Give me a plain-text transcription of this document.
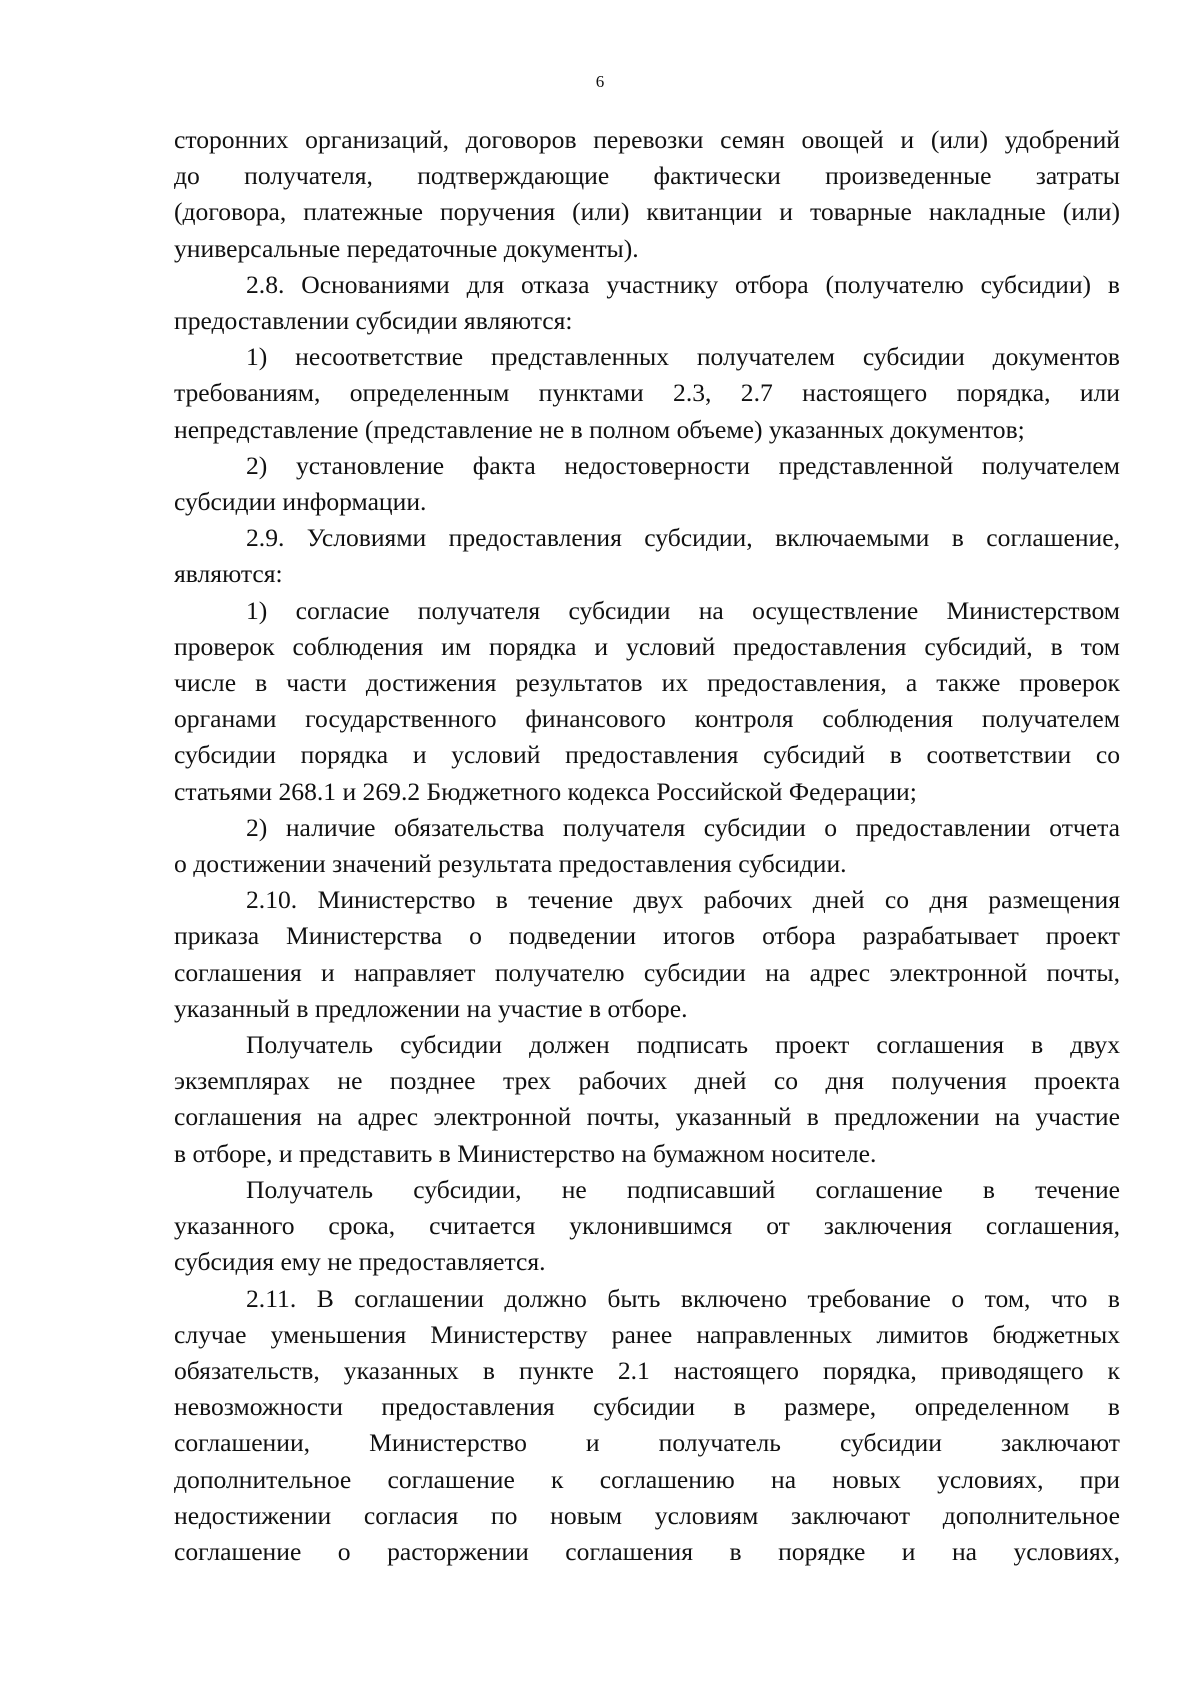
6
сторонних организаций, договоров перевозки семян овощей и (или) удобрений
до получателя, подтверждающие фактически произведенные затраты
(договора, платежные поручения (или) квитанции и товарные накладные (или)
универсальные передаточные документы).
2.8. Основаниями для отказа участнику отбора (получателю субсидии) в
предоставлении субсидии являются:
1) несоответствие представленных получателем субсидии документов
требованиям, определенным пунктами 2.3, 2.7 настоящего порядка, или
непредставление (представление не в полном объеме) указанных документов;
2) установление факта недостоверности представленной получателем
субсидии информации.
2.9. Условиями предоставления субсидии, включаемыми в соглашение,
являются:
1) согласие получателя субсидии на осуществление Министерством
проверок соблюдения им порядка и условий предоставления субсидий, в том
числе в части достижения результатов их предоставления, а также проверок
органами государственного финансового контроля соблюдения получателем
субсидии порядка и условий предоставления субсидий в соответствии со
статьями 268.1 и 269.2 Бюджетного кодекса Российской Федерации;
2) наличие обязательства получателя субсидии о предоставлении отчета
о достижении значений результата предоставления субсидии.
2.10. Министерство в течение двух рабочих дней со дня размещения
приказа Министерства о подведении итогов отбора разрабатывает проект
соглашения и направляет получателю субсидии на адрес электронной почты,
указанный в предложении на участие в отборе.
Получатель субсидии должен подписать проект соглашения в двух
экземплярах не позднее трех рабочих дней со дня получения проекта
соглашения на адрес электронной почты, указанный в предложении на участие
в отборе, и представить в Министерство на бумажном носителе.
Получатель субсидии, не подписавший соглашение в течение
указанного срока, считается уклонившимся от заключения соглашения,
субсидия ему не предоставляется.
2.11. В соглашении должно быть включено требование о том, что в
случае уменьшения Министерству ранее направленных лимитов бюджетных
обязательств, указанных в пункте 2.1 настоящего порядка, приводящего к
невозможности предоставления субсидии в размере, определенном в
соглашении, Министерство и получатель субсидии заключают
дополнительное соглашение к соглашению на новых условиях, при
недостижении согласия по новым условиям заключают дополнительное
соглашение о расторжении соглашения в порядке и на условиях,
